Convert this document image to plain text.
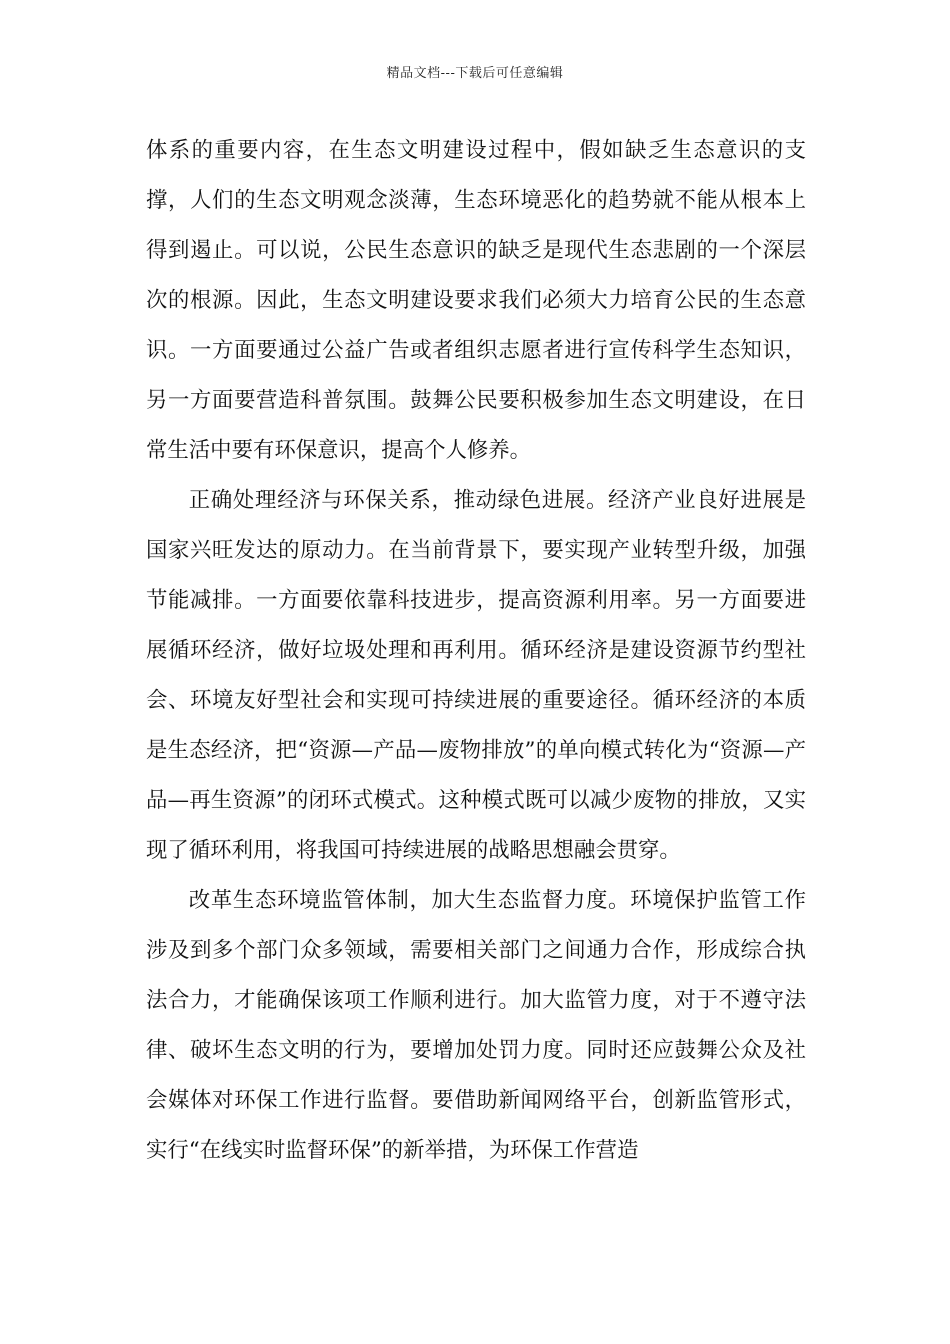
精品文档---下载后可任意编辑

体系的重要内容，在生态文明建设过程中，假如缺乏生态意识的支撑，人们的生态文明观念淡薄，生态环境恶化的趋势就不能从根本上得到遏止。可以说，公民生态意识的缺乏是现代生态悲剧的一个深层次的根源。因此，生态文明建设要求我们必须大力培育公民的生态意识。一方面要通过公益广告或者组织志愿者进行宣传科学生态知识，另一方面要营造科普氛围。鼓舞公民要积极参加生态文明建设，在日常生活中要有环保意识，提高个人修养。

正确处理经济与环保关系，推动绿色进展。经济产业良好进展是国家兴旺发达的原动力。在当前背景下，要实现产业转型升级，加强节能减排。一方面要依靠科技进步，提高资源利用率。另一方面要进展循环经济，做好垃圾处理和再利用。循环经济是建设资源节约型社会、环境友好型社会和实现可持续进展的重要途径。循环经济的本质是生态经济，把“资源—产品—废物排放”的单向模式转化为“资源—产品—再生资源”的闭环式模式。这种模式既可以减少废物的排放，又实现了循环利用，将我国可持续进展的战略思想融会贯穿。

改革生态环境监管体制，加大生态监督力度。环境保护监管工作涉及到多个部门众多领域，需要相关部门之间通力合作，形成综合执法合力，才能确保该项工作顺利进行。加大监管力度，对于不遵守法律、破坏生态文明的行为，要增加处罚力度。同时还应鼓舞公众及社会媒体对环保工作进行监督。要借助新闻网络平台，创新监管形式，实行“在线实时监督环保”的新举措，为环保工作营造
